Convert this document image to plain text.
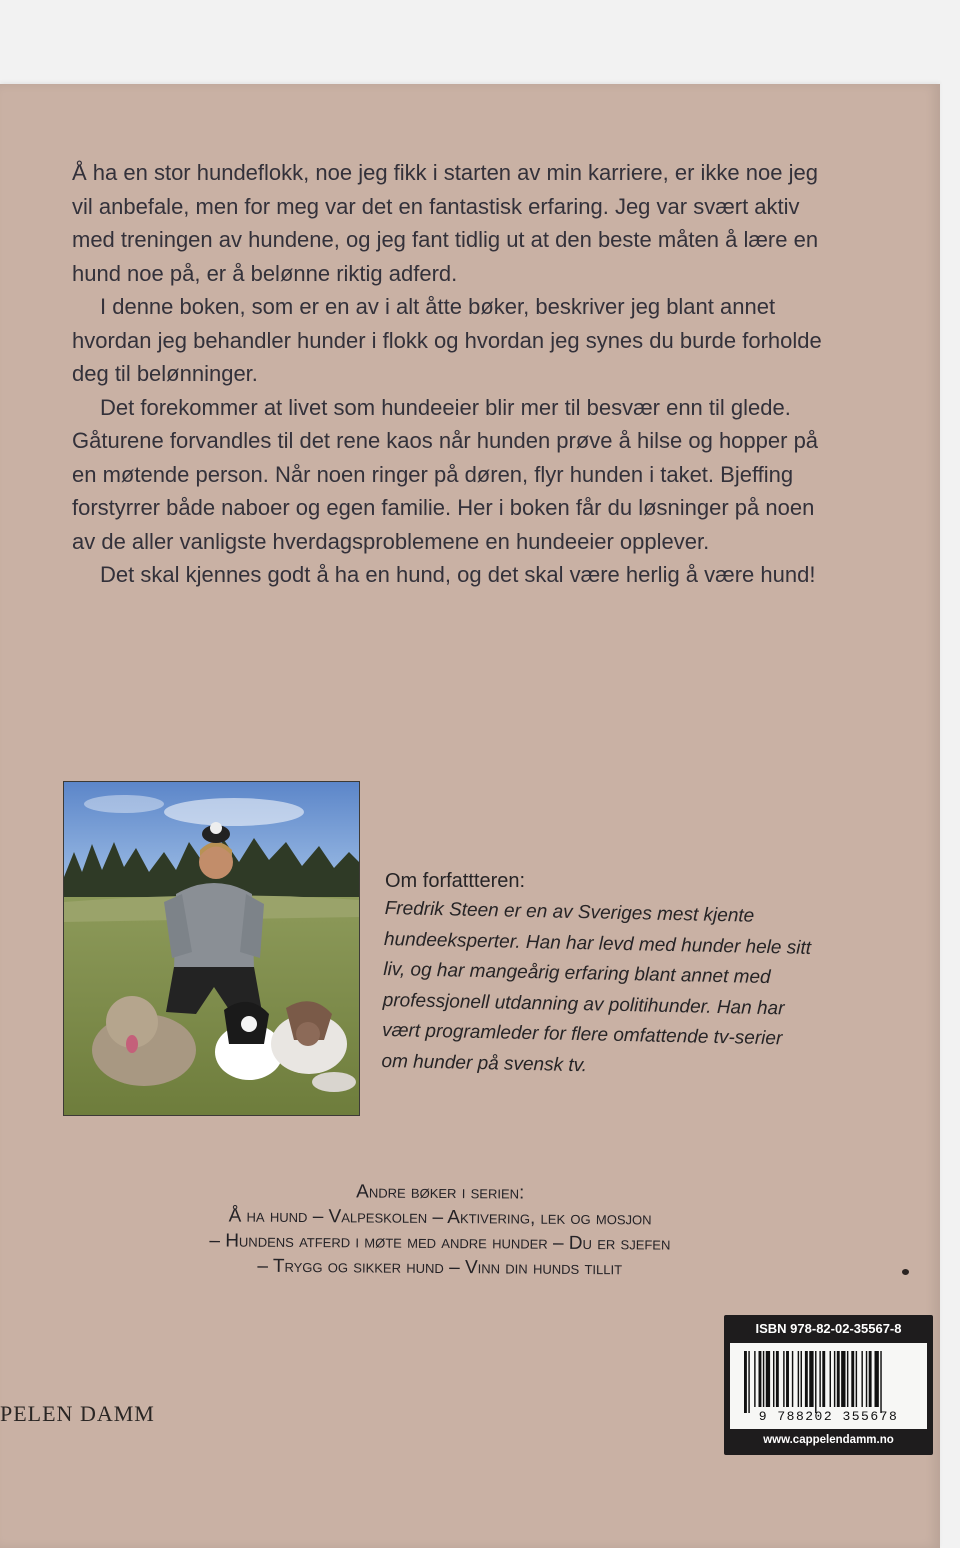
Å ha en stor hundeflokk, noe jeg fikk i starten av min karriere, er ikke noe jeg vil anbefale, men for meg var det en fantastisk erfaring. Jeg var svært aktiv med treningen av hundene, og jeg fant tidlig ut at den beste måten å lære en hund noe på, er å belønne riktig adferd.

I denne boken, som er en av i alt åtte bøker, beskriver jeg blant annet hvordan jeg behandler hunder i flokk og hvordan jeg synes du burde forholde deg til belønninger.

Det forekommer at livet som hundeeier blir mer til besvær enn til glede. Gåturene forvandles til det rene kaos når hunden prøve å hilse og hopper på en møtende person. Når noen ringer på døren, flyr hunden i taket. Bjeffing forstyrrer både naboer og egen familie. Her i boken får du løsninger på noen av de aller vanligste hverdagsproblemene en hundeeier opplever.

Det skal kjennes godt å ha en hund, og det skal være herlig å være hund!

Om forfattteren:
Fredrik Steen er en av Sveriges mest kjente hundeeksperter. Han har levd med hunder hele sitt liv, og har mangeårig erfaring blant annet med professjonell utdanning av politihunder. Han har vært programleder for flere omfattende tv-serier om hunder på svensk tv.
Andre bøker i serien:
Å ha hund – Valpeskolen – Aktivering, lek og mosjon
– Hundens atferd i møte med andre hunder – Du er sjefen
– Trygg og sikker hund – Vinn din hunds tillit
PELEN DAMM
ISBN 978-82-02-35567-8
9 788202 355678
www.cappelendamm.no
